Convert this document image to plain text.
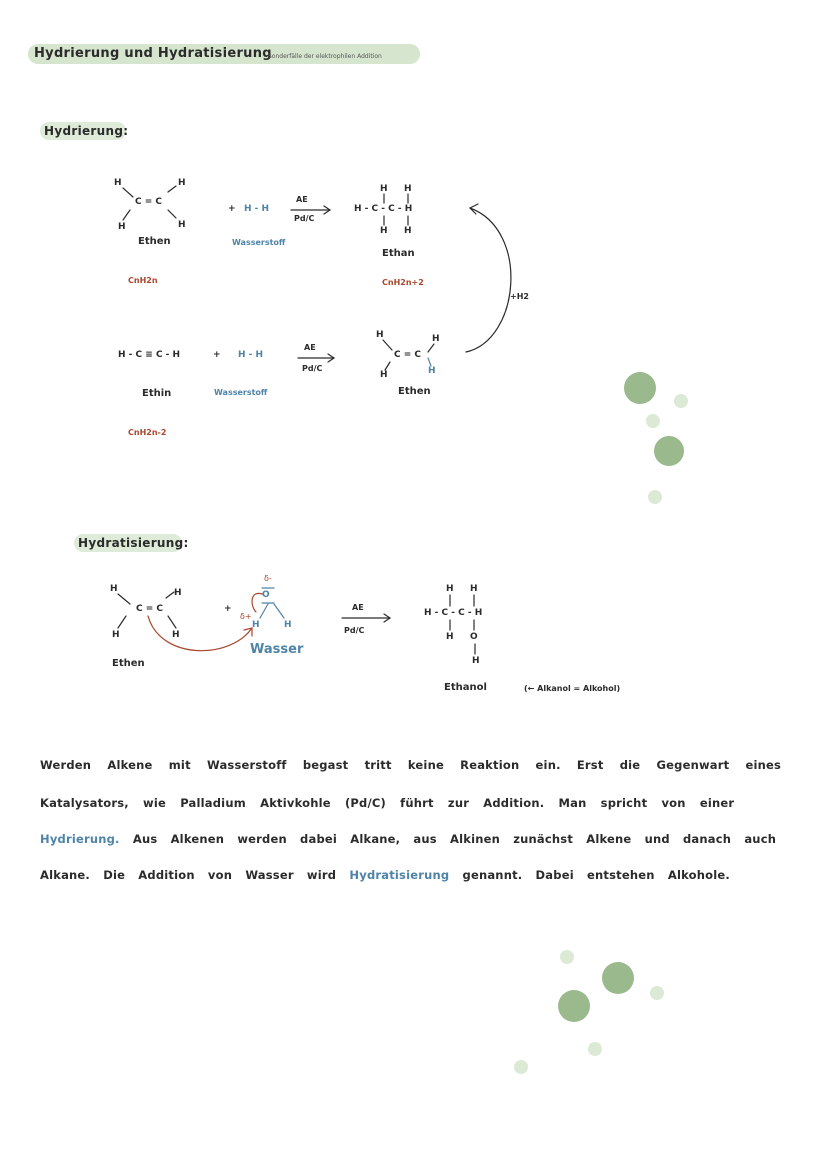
Hydrierung und Hydratisierung
Sonderfälle der elektrophilen Addition
Hydrierung:
H	H
C = C
H	H
Ethen
CnH2n
+ H - H
Wasserstoff
AE
Pd/C
H H
H - C - C - H
H H
Ethan
CnH2n+2
+H2
H - C ≡ C - H	+ H - H
AE
Pd/C
H	H
C = C
H	H
Ethin	Wasserstoff	Ethen
CnH2n-2
Hydratisierung:
H	H
C = C
H	H
Ethen
+
δ-
O
δ+
H	H
Wasser
AE
Pd/C
H H
H - C - C - H
H O
H
Ethanol	(← Alkanol = Alkohol)
Werden Alkene mit Wasserstoff begast tritt keine Reaktion ein. Erst die Gegenwart eines
Katalysators, wie Palladium Aktivkohle (Pd/C) führt zur Addition. Man spricht von einer
Hydrierung. Aus Alkenen werden dabei Alkane, aus Alkinen zunächst Alkene und danach auch
Alkane. Die Addition von Wasser wird Hydratisierung genannt. Dabei entstehen Alkohole.
